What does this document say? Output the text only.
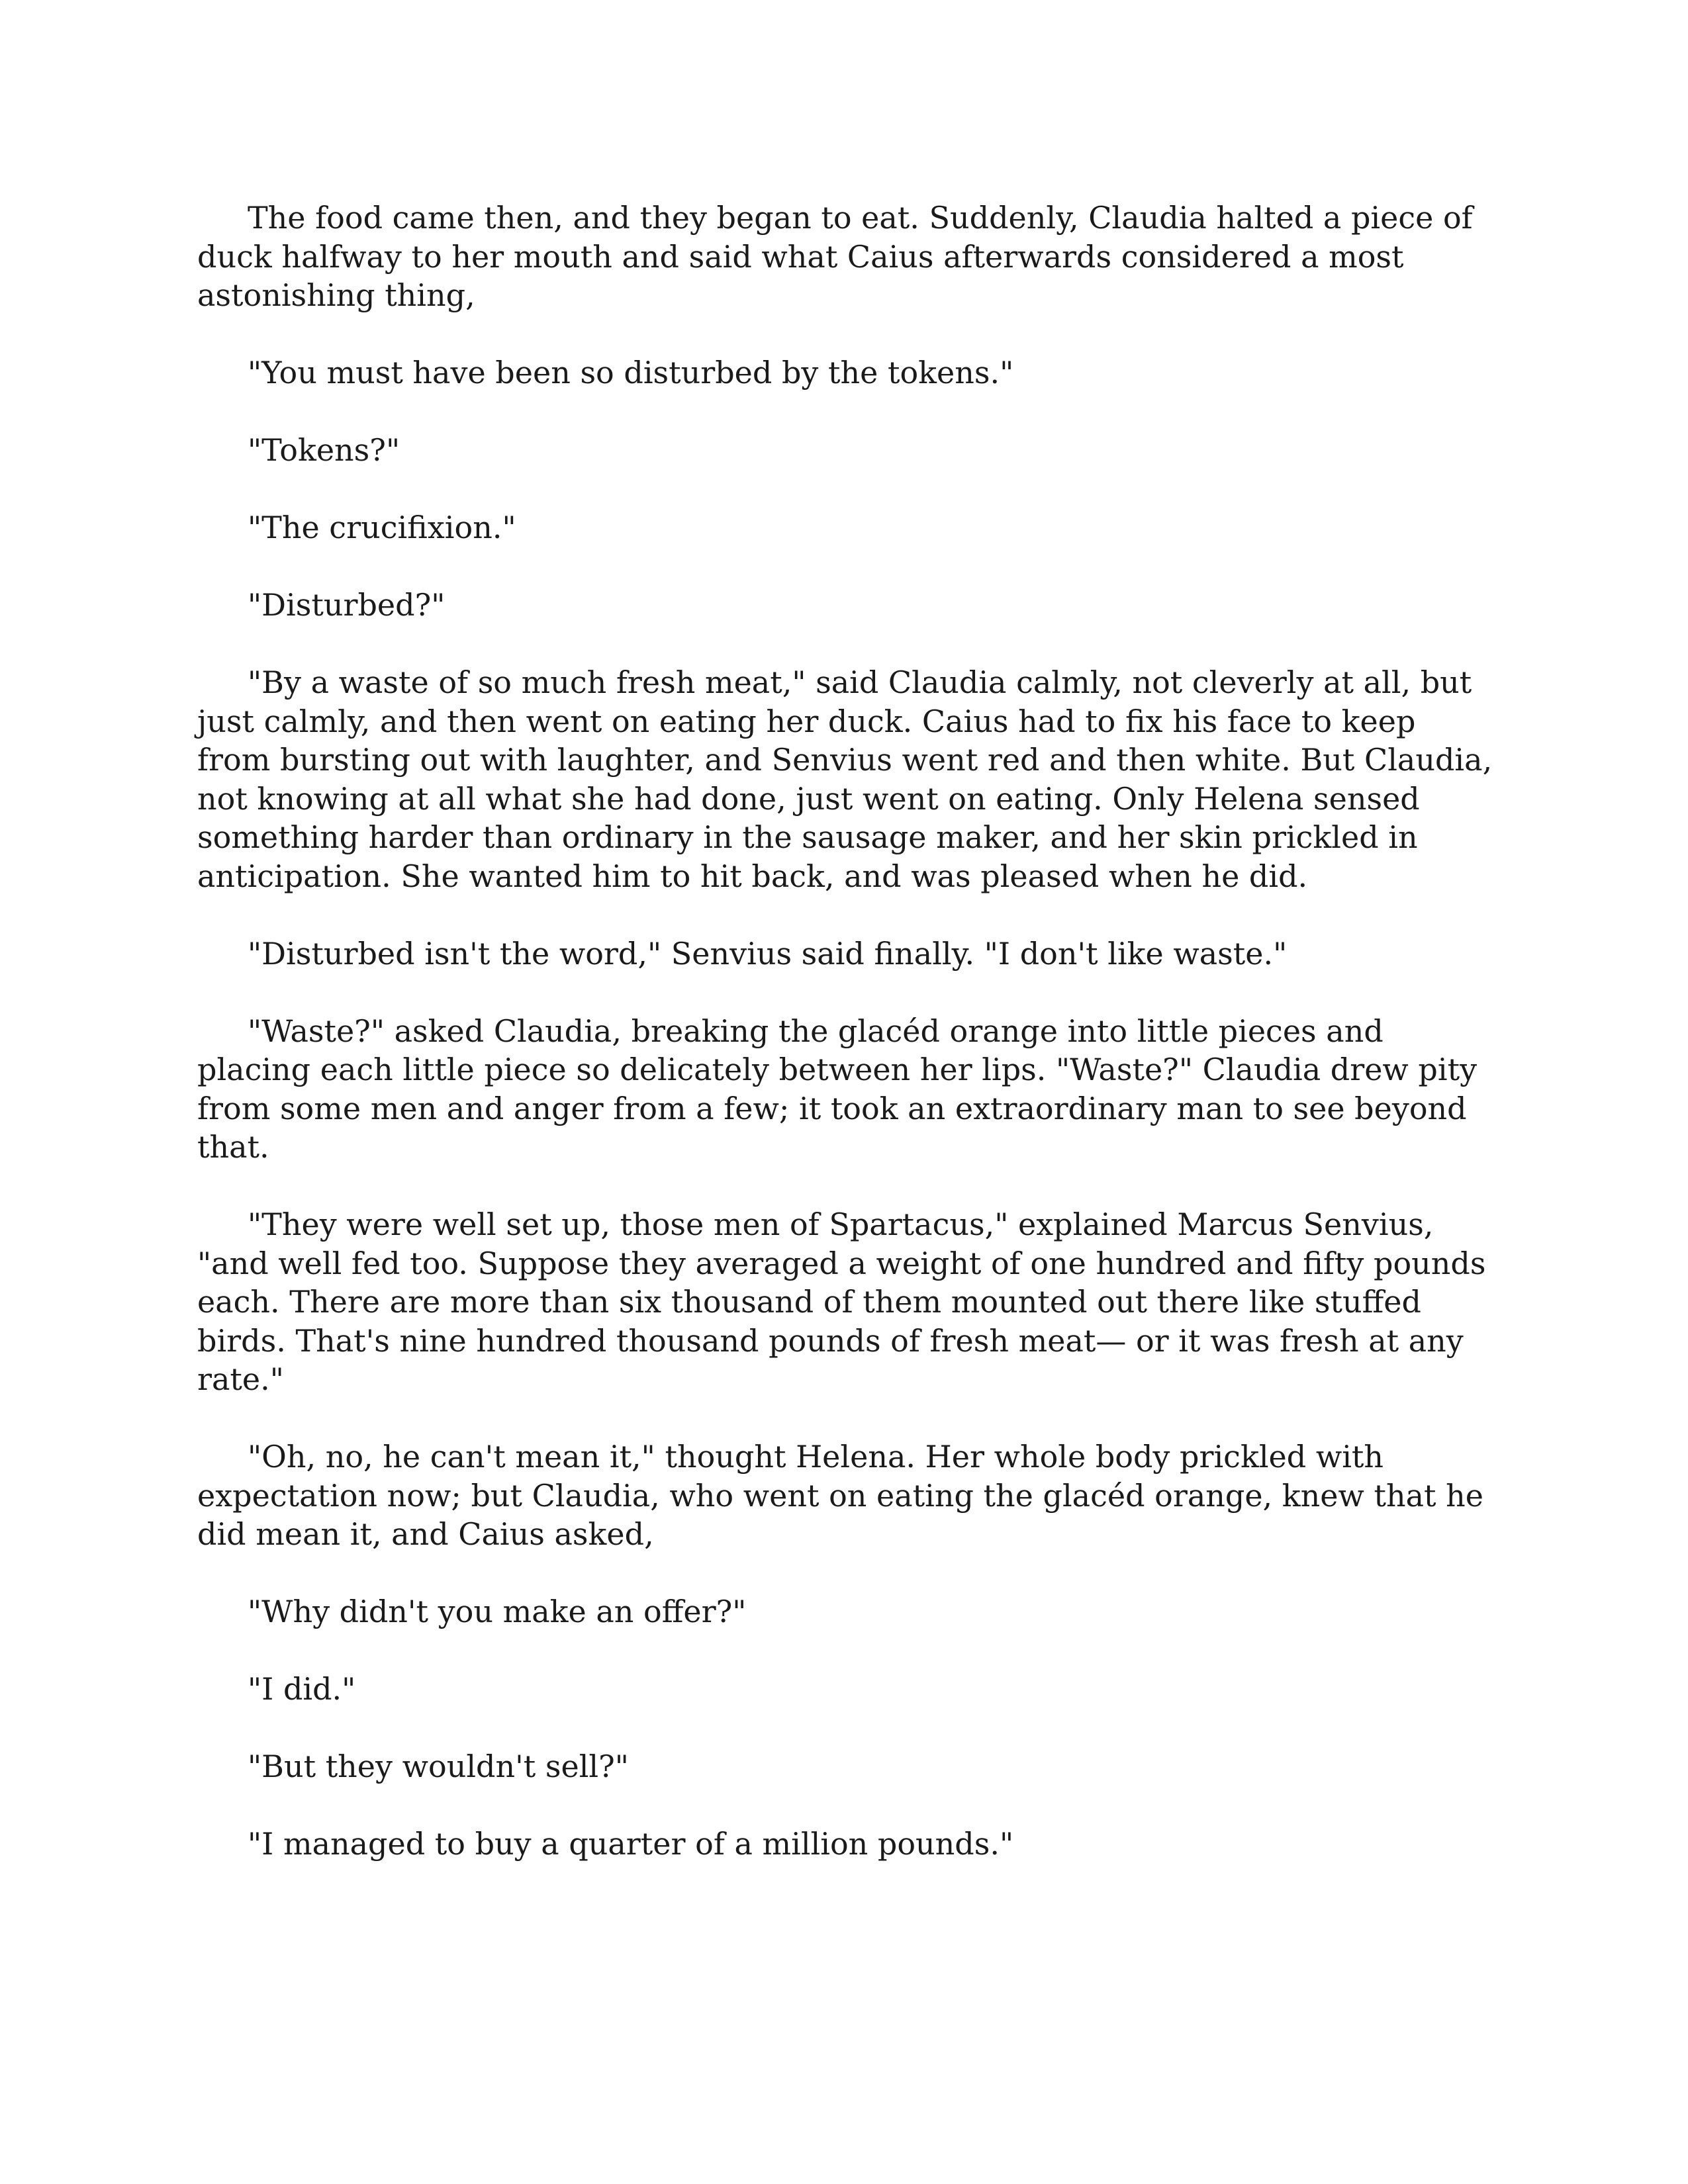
The food came then, and they began to eat. Suddenly, Claudia halted a piece of duck halfway to her mouth and said what Caius afterwards considered a most astonishing thing,

"You must have been so disturbed by the tokens."

"Tokens?"

"The crucifixion."

"Disturbed?"

"By a waste of so much fresh meat," said Claudia calmly, not cleverly at all, but just calmly, and then went on eating her duck. Caius had to fix his face to keep from bursting out with laughter, and Senvius went red and then white. But Claudia, not knowing at all what she had done, just went on eating. Only Helena sensed something harder than ordinary in the sausage maker, and her skin prickled in anticipation. She wanted him to hit back, and was pleased when he did.

"Disturbed isn't the word," Senvius said finally. "I don't like waste."

"Waste?" asked Claudia, breaking the glacéd orange into little pieces and placing each little piece so delicately between her lips. "Waste?" Claudia drew pity from some men and anger from a few; it took an extraordinary man to see beyond that.

"They were well set up, those men of Spartacus," explained Marcus Senvius, "and well fed too. Suppose they averaged a weight of one hundred and fifty pounds each. There are more than six thousand of them mounted out there like stuffed birds. That's nine hundred thousand pounds of fresh meat— or it was fresh at any rate."

"Oh, no, he can't mean it," thought Helena. Her whole body prickled with expectation now; but Claudia, who went on eating the glacéd orange, knew that he did mean it, and Caius asked,

"Why didn't you make an offer?"

"I did."

"But they wouldn't sell?"

"I managed to buy a quarter of a million pounds."
